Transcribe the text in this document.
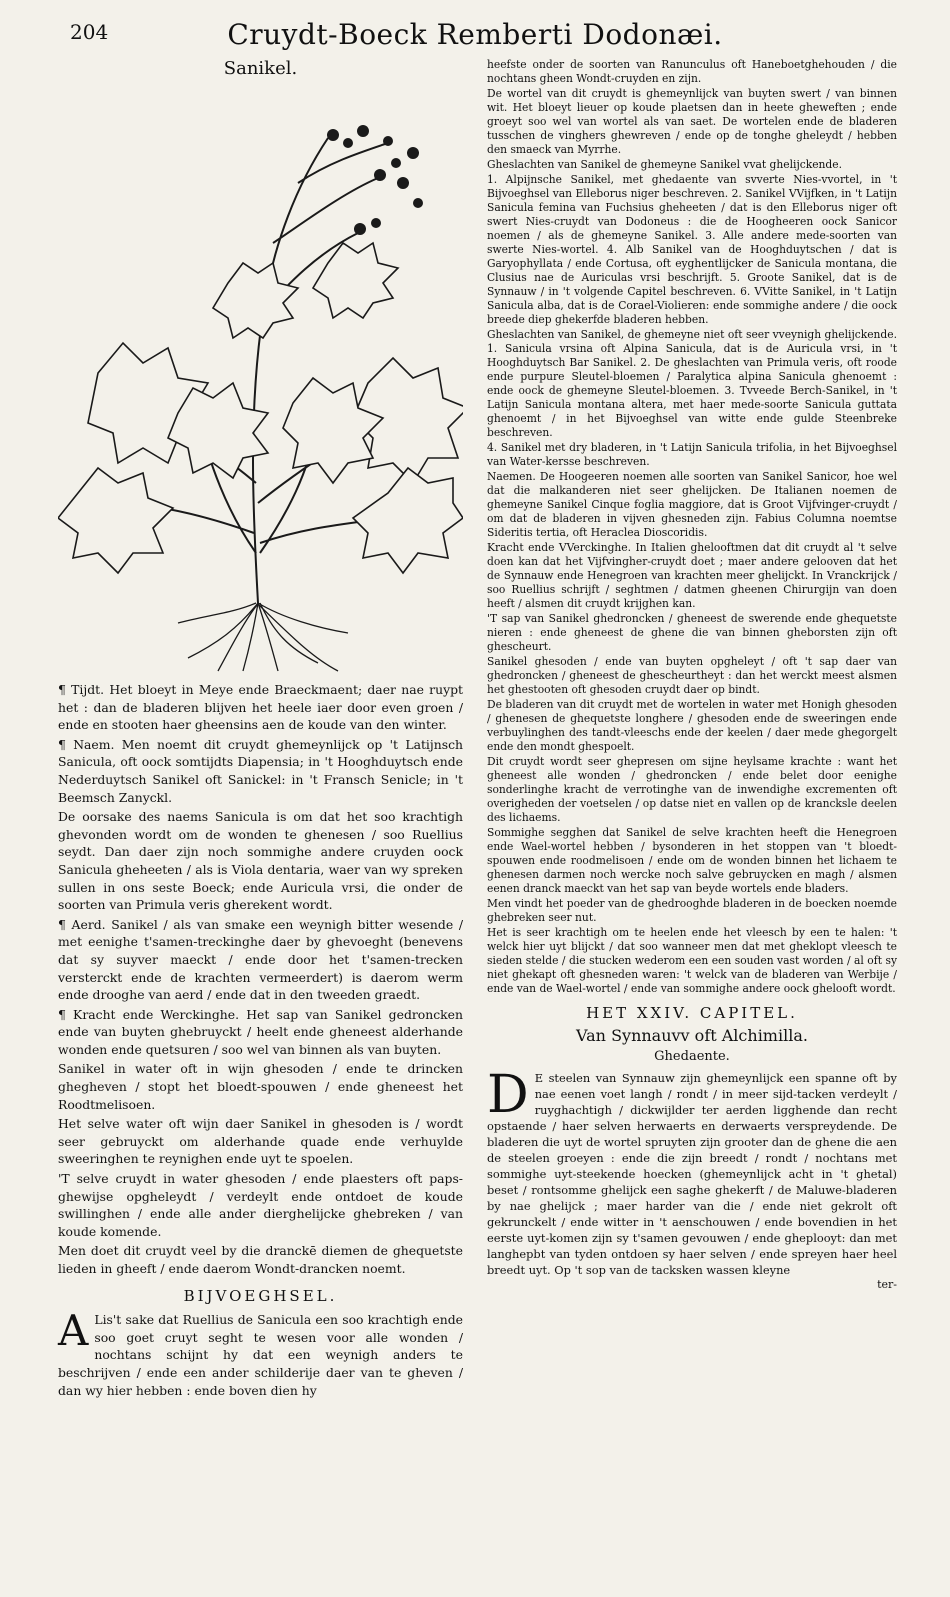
204	Cruydt-Boeck Remberti Dodonæi.
Sanikel.

¶ Tijdt. Het bloeyt in Meye ende Braeckmaent; daer nae ruypt het : dan de bladeren blijven het heele iaer door even groen / ende en stooten haer gheensins aen de koude van den winter.

¶ Naem. Men noemt dit cruydt ghemeynlijck op 't Latijnsch Sanicula, oft oock somtijdts Diapensia; in 't Hooghduytsch ende Nederduytsch Sanikel oft Sanickel: in 't Fransch Senicle; in 't Beemsch Zanyckl.

De oorsake des naems Sanicula is om dat het soo krachtigh ghevonden wordt om de wonden te ghenesen / soo Ruellius seydt. Dan daer zijn noch sommighe andere cruyden oock Sanicula gheheeten / als is Viola dentaria, waer van wy spreken sullen in ons seste Boeck; ende Auricula vrsi, die onder de soorten van Primula veris gherekent wordt.

¶ Aerd. Sanikel / als van smake een weynigh bitter wesende / met eenighe t'samen-treckinghe daer by ghevoeght (benevens dat sy suyver maeckt / ende door het t'samen-trecken versterckt ende de krachten vermeerdert) is daerom werm ende drooghe van aerd / ende dat in den tweeden graedt.

¶ Kracht ende Werckinghe. Het sap van Sanikel gedroncken ende van buyten ghebruyckt / heelt ende gheneest alderhande wonden ende quetsuren / soo wel van binnen als van buyten.

Sanikel in water oft in wijn ghesoden / ende te drincken ghegheven / stopt het bloedt-spouwen / ende gheneest het Roodtmelisoen.

Het selve water oft wijn daer Sanikel in ghesoden is / wordt seer gebruyckt om alderhande quade ende verhuylde sweeringhen te reynighen ende uyt te spoelen.

'T selve cruydt in water ghesoden / ende plaesters oft paps-ghewijse opgheleydt / verdeylt ende ontdoet de koude swillinghen / ende alle ander dierghelijcke ghebreken / van koude komende.

Men doet dit cruydt veel by die dranckē diemen de ghequetste lieden in gheeft / ende daerom Wondt-drancken noemt.

BIJVOEGHSEL.

A Lis't sake dat Ruellius de Sanicula een soo krachtigh ende soo goet cruyt seght te wesen voor alle wonden / nochtans schijnt hy dat een weynigh anders te beschrijven / ende een ander schilderije daer van te gheven / dan wy hier hebben : ende boven dien hy

heefste onder de soorten van Ranunculus oft Haneboetghehouden / die nochtans gheen Wondt-cruyden en zijn.

De wortel van dit cruydt is ghemeynlijck van buyten swert / van binnen wit. Het bloeyt lieuer op koude plaetsen dan in heete gheweften ; ende groeyt soo wel van wortel als van saet. De wortelen ende de bladeren tusschen de vinghers ghewreven / ende op de tonghe gheleydt / hebben den smaeck van Myrrhe.

Gheslachten van Sanikel de ghemeyne Sanikel vvat ghelijckende.

1. Alpijnsche Sanikel, met ghedaente van svverte Nies-vvortel, in 't Bijvoeghsel van Elleborus niger beschreven. 2. Sanikel VVijfken, in 't Latijn Sanicula femina van Fuchsius gheheeten / dat is den Elleborus niger oft swert Nies-cruydt van Dodoneus : die de Hoogheeren oock Sanicor noemen / als de ghemeyne Sanikel. 3. Alle andere mede-soorten van swerte Nies-wortel. 4. Alb Sanikel van de Hooghduytschen / dat is Garyophyllata / ende Cortusa, oft eyghentlijcker de Sanicula montana, die Clusius nae de Auriculas vrsi beschrijft. 5. Groote Sanikel, dat is de Synnauw / in 't volgende Capitel beschreven. 6. VVitte Sanikel, in 't Latijn Sanicula alba, dat is de Corael-Violieren: ende sommighe andere / die oock breede diep ghekerfde bladeren hebben.

Gheslachten van Sanikel, de ghemeyne niet oft seer vveynigh ghelijckende. 1. Sanicula vrsina oft Alpina Sanicula, dat is de Auricula vrsi, in 't Hooghduytsch Bar Sanikel. 2. De gheslachten van Primula veris, oft roode ende purpure Sleutel-bloemen / Paralytica alpina Sanicula ghenoemt : ende oock de ghemeyne Sleutel-bloemen. 3. Tvveede Berch-Sanikel, in 't Latijn Sanicula montana altera, met haer mede-soorte Sanicula guttata ghenoemt / in het Bijvoeghsel van witte ende gulde Steenbreke beschreven.

4. Sanikel met dry bladeren, in 't Latijn Sanicula trifolia, in het Bijvoeghsel van Water-kersse beschreven.

Naemen. De Hoogeeren noemen alle soorten van Sanikel Sanicor, hoe wel dat die malkanderen niet seer ghelijcken. De Italianen noemen de ghemeyne Sanikel Cinque foglia maggiore, dat is Groot Vijfvinger-cruydt / om dat de bladeren in vijven ghesneden zijn. Fabius Columna noemtse Sideritis tertia, oft Heraclea Dioscoridis.

Kracht ende VVerckinghe. In Italien ghelooftmen dat dit cruydt al 't selve doen kan dat het Vijfvingher-cruydt doet ; maer andere gelooven dat het de Synnauw ende Henegroen van krachten meer ghelijckt. In Vranckrijck / soo Ruellius schrijft / seghtmen / datmen gheenen Chirurgijn van doen heeft / alsmen dit cruydt krijghen kan.

'T sap van Sanikel ghedroncken / gheneest de swerende ende ghequetste nieren : ende gheneest de ghene die van binnen gheborsten zijn oft ghescheurt.

Sanikel ghesoden / ende van buyten opgheleyt / oft 't sap daer van ghedroncken / gheneest de ghescheurtheyt : dan het werckt meest alsmen het ghestooten oft ghesoden cruydt daer op bindt.

De bladeren van dit cruydt met de wortelen in water met Honigh ghesoden / ghenesen de ghequetste longhere / ghesoden ende de sweeringen ende verbuylinghen des tandt-vleeschs ende der keelen / daer mede ghegorgelt ende den mondt ghespoelt.

Dit cruydt wordt seer ghepresen om sijne heylsame krachte : want het gheneest alle wonden / ghedroncken / ende belet door eenighe sonderlinghe kracht de verrotinghe van de inwendighe excrementen oft overigheden der voetselen / op datse niet en vallen op de krancksle deelen des lichaems.

Sommighe segghen dat Sanikel de selve krachten heeft die Henegroen ende Wael-wortel hebben / bysonderen in het stoppen van 't bloedt-spouwen ende roodmelisoen / ende om de wonden binnen het lichaem te ghenesen darmen noch wercke noch salve gebruycken en magh / alsmen eenen dranck maeckt van het sap van beyde wortels ende bladers.

Men vindt het poeder van de ghedrooghde bladeren in de boecken noemde ghebreken seer nut.

Het is seer krachtigh om te heelen ende het vleesch by een te halen: 't welck hier uyt blijckt / dat soo wanneer men dat met gheklopt vleesch te sieden stelde / die stucken wederom een een souden vast worden / al oft sy niet ghekapt oft ghesneden waren: 't welck van de bladeren van Werbije / ende van de Wael-wortel / ende van sommighe andere oock ghelooft wordt.

HET XXIV. CAPITEL.
Van Synnauvv oft Alchimilla.
Ghedaente.
D E steelen van Synnauw zijn ghemeynlijck een spanne oft by nae eenen voet langh / rondt / in meer sijd-tacken verdeylt / ruyghachtigh / dickwijlder ter aerden ligghende dan recht opstaende / haer selven herwaerts en derwaerts verspreydende. De bladeren die uyt de wortel spruyten zijn grooter dan de ghene die aen de steelen groeyen : ende die zijn breedt / rondt / nochtans met sommighe uyt-steekende hoecken (ghemeynlijck acht in 't ghetal) beset / rontsomme ghelijck een saghe ghekerft / de Maluwe-bladeren by nae ghelijck ; maer harder van die / ende niet gekrolt oft gekrunckelt / ende witter in 't aenschouwen / ende bovendien in het eerste uyt-komen zijn sy t'samen gevouwen / ende gheplooyt: dan met langhepbt van tyden ontdoen sy haer selven / ende spreyen haer heel breedt uyt. Op 't sop van de tacksken wassen kleyne
ter-
